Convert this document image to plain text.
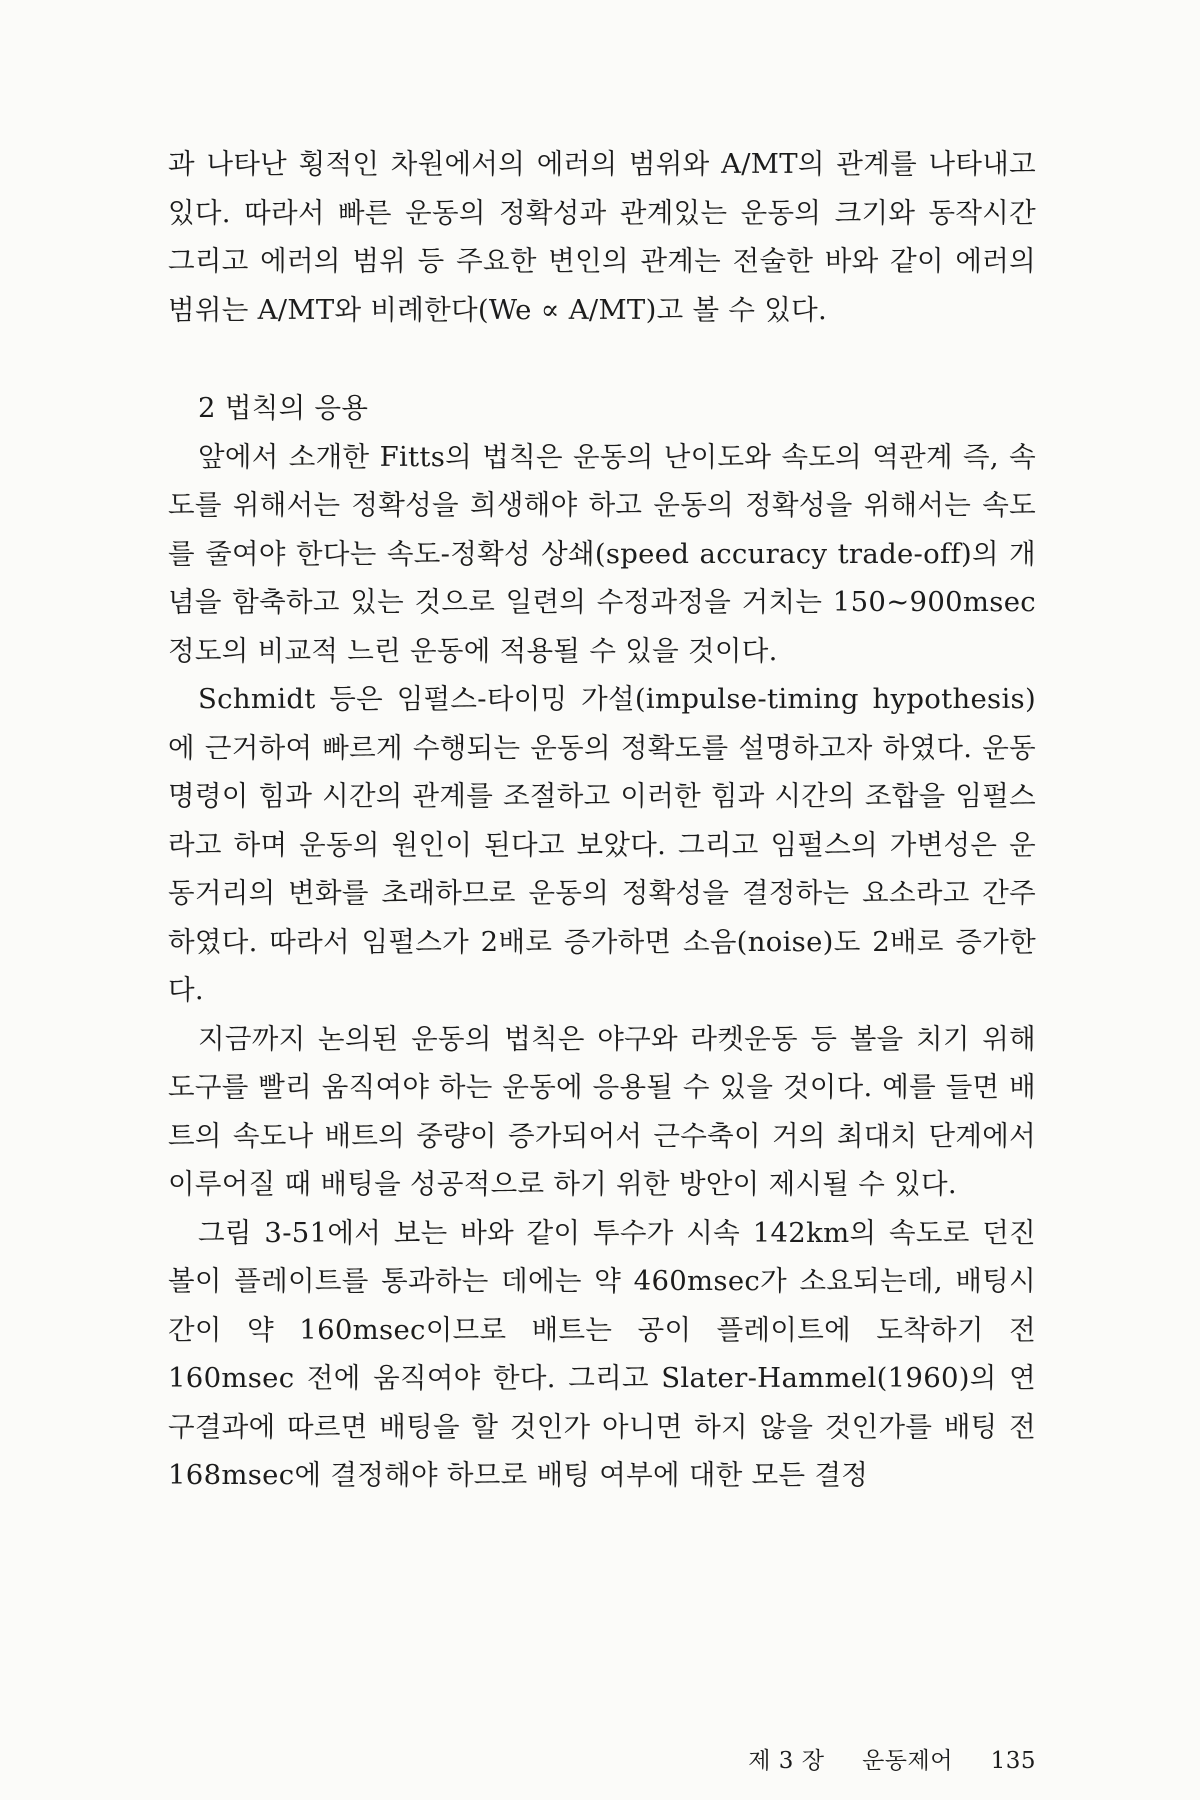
과 나타난 횡적인 차원에서의 에러의 범위와 A/MT의 관계를 나타내고 있다. 따라서 빠른 운동의 정확성과 관계있는 운동의 크기와 동작시간 그리고 에러의 범위 등 주요한 변인의 관계는 전술한 바와 같이 에러의 범위는 A/MT와 비례한다(We ∝ A/MT)고 볼 수 있다.

2 법칙의 응용

앞에서 소개한 Fitts의 법칙은 운동의 난이도와 속도의 역관계 즉, 속도를 위해서는 정확성을 희생해야 하고 운동의 정확성을 위해서는 속도를 줄여야 한다는 속도-정확성 상쇄(speed accuracy trade-off)의 개념을 함축하고 있는 것으로 일련의 수정과정을 거치는 150~900msec 정도의 비교적 느린 운동에 적용될 수 있을 것이다.

Schmidt 등은 임펄스-타이밍 가설(impulse-timing hypothesis)에 근거하여 빠르게 수행되는 운동의 정확도를 설명하고자 하였다. 운동 명령이 힘과 시간의 관계를 조절하고 이러한 힘과 시간의 조합을 임펄스라고 하며 운동의 원인이 된다고 보았다. 그리고 임펄스의 가변성은 운동거리의 변화를 초래하므로 운동의 정확성을 결정하는 요소라고 간주하였다. 따라서 임펄스가 2배로 증가하면 소음(noise)도 2배로 증가한다.

지금까지 논의된 운동의 법칙은 야구와 라켓운동 등 볼을 치기 위해 도구를 빨리 움직여야 하는 운동에 응용될 수 있을 것이다. 예를 들면 배트의 속도나 배트의 중량이 증가되어서 근수축이 거의 최대치 단계에서 이루어질 때 배팅을 성공적으로 하기 위한 방안이 제시될 수 있다.

그림 3-51에서 보는 바와 같이 투수가 시속 142km의 속도로 던진 볼이 플레이트를 통과하는 데에는 약 460msec가 소요되는데, 배팅시간이 약 160msec이므로 배트는 공이 플레이트에 도착하기 전 160msec 전에 움직여야 한다. 그리고 Slater-Hammel(1960)의 연구결과에 따르면 배팅을 할 것인가 아니면 하지 않을 것인가를 배팅 전 168msec에 결정해야 하므로 배팅 여부에 대한 모든 결정

제 3 장 운동제어 135
